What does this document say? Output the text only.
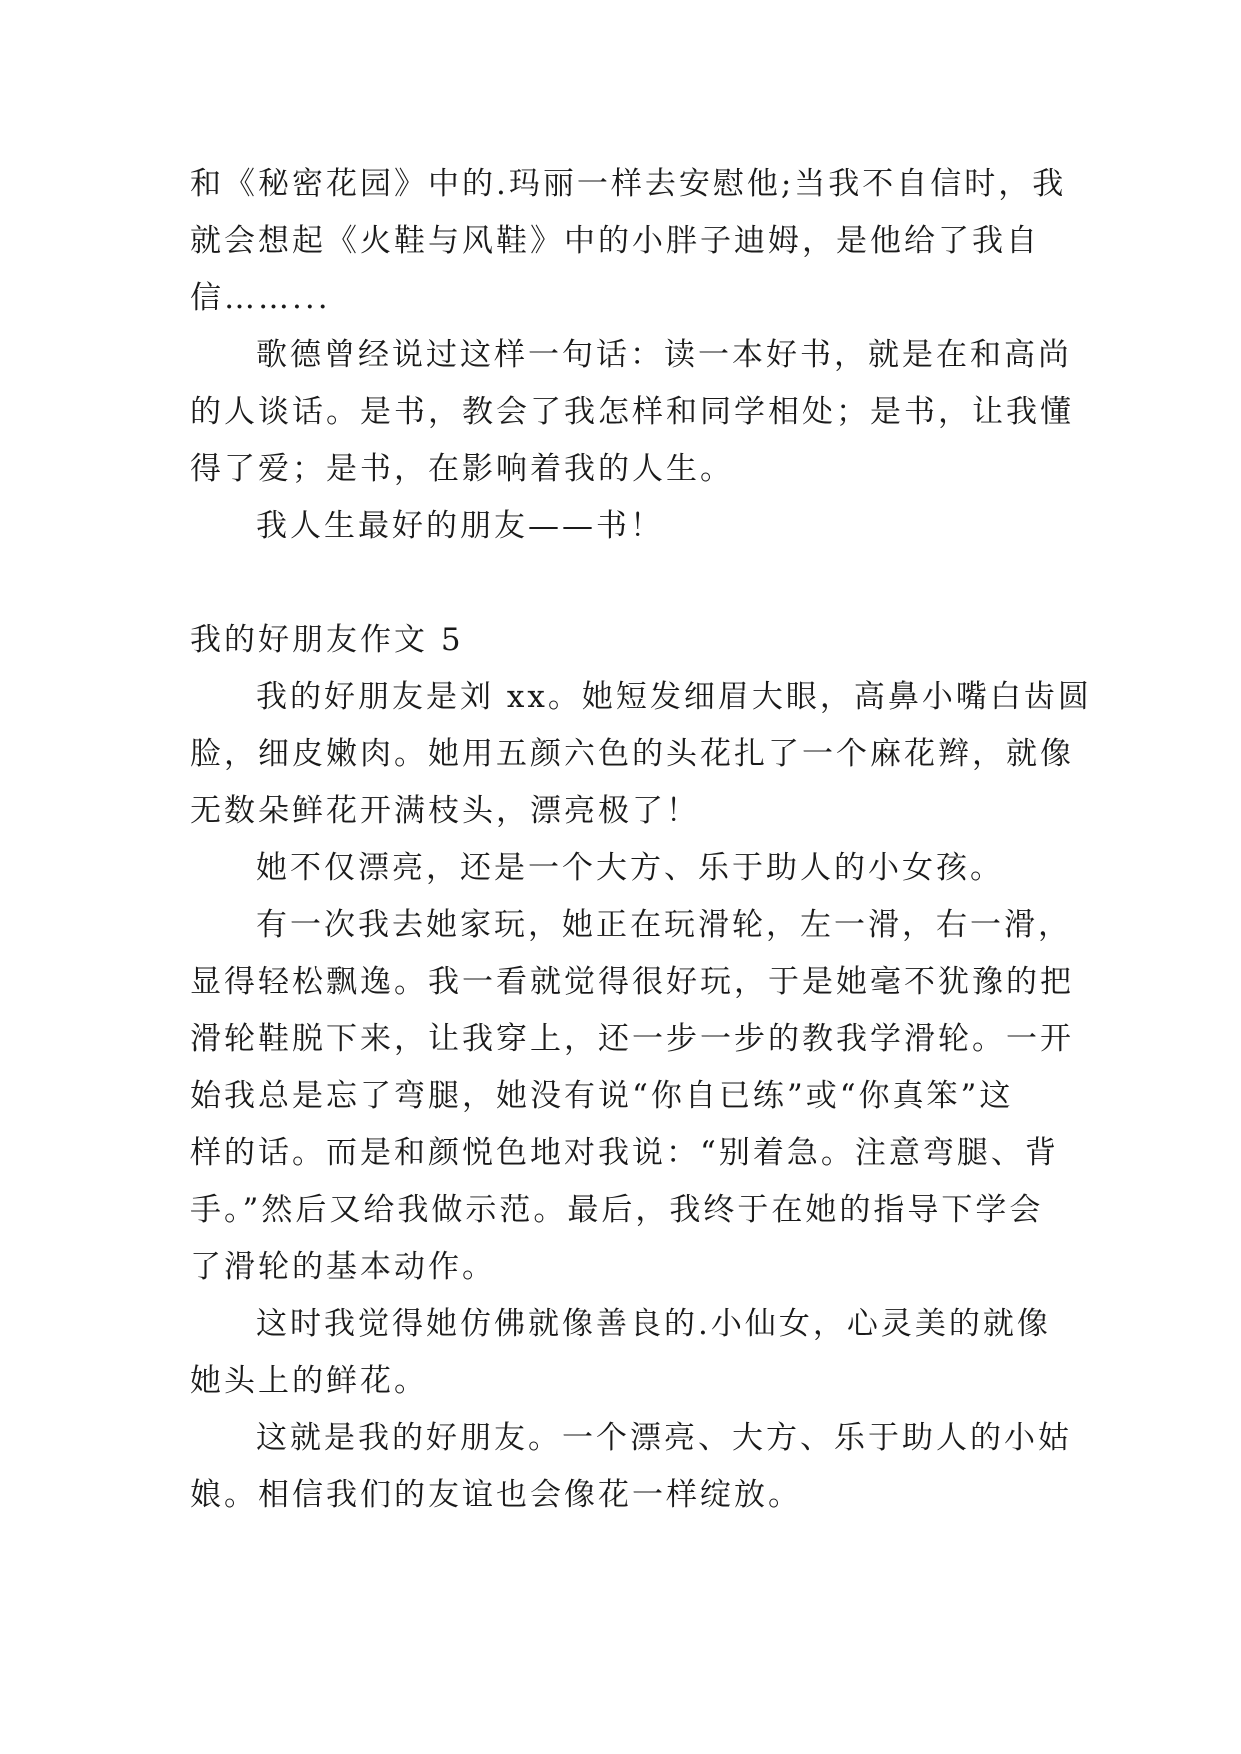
和《秘密花园》中的.玛丽一样去安慰他;当我不自信时，我

就会想起《火鞋与风鞋》中的小胖子迪姆，是他给了我自

信……...

歌德曾经说过这样一句话：读一本好书，就是在和高尚

的人谈话。是书，教会了我怎样和同学相处；是书，让我懂

得了爱；是书，在影响着我的人生。

我人生最好的朋友——书！

我的好朋友作文 5

我的好朋友是刘 xx。她短发细眉大眼，高鼻小嘴白齿圆

脸，细皮嫩肉。她用五颜六色的头花扎了一个麻花辫，就像

无数朵鲜花开满枝头，漂亮极了！

她不仅漂亮，还是一个大方、乐于助人的小女孩。

有一次我去她家玩，她正在玩滑轮，左一滑，右一滑，

显得轻松飘逸。我一看就觉得很好玩，于是她毫不犹豫的把

滑轮鞋脱下来，让我穿上，还一步一步的教我学滑轮。一开

始我总是忘了弯腿，她没有说“你自已练”或“你真笨”这

样的话。而是和颜悦色地对我说：“别着急。注意弯腿、背

手。”然后又给我做示范。最后，我终于在她的指导下学会

了滑轮的基本动作。

这时我觉得她仿佛就像善良的.小仙女，心灵美的就像

她头上的鲜花。

这就是我的好朋友。一个漂亮、大方、乐于助人的小姑

娘。相信我们的友谊也会像花一样绽放。
